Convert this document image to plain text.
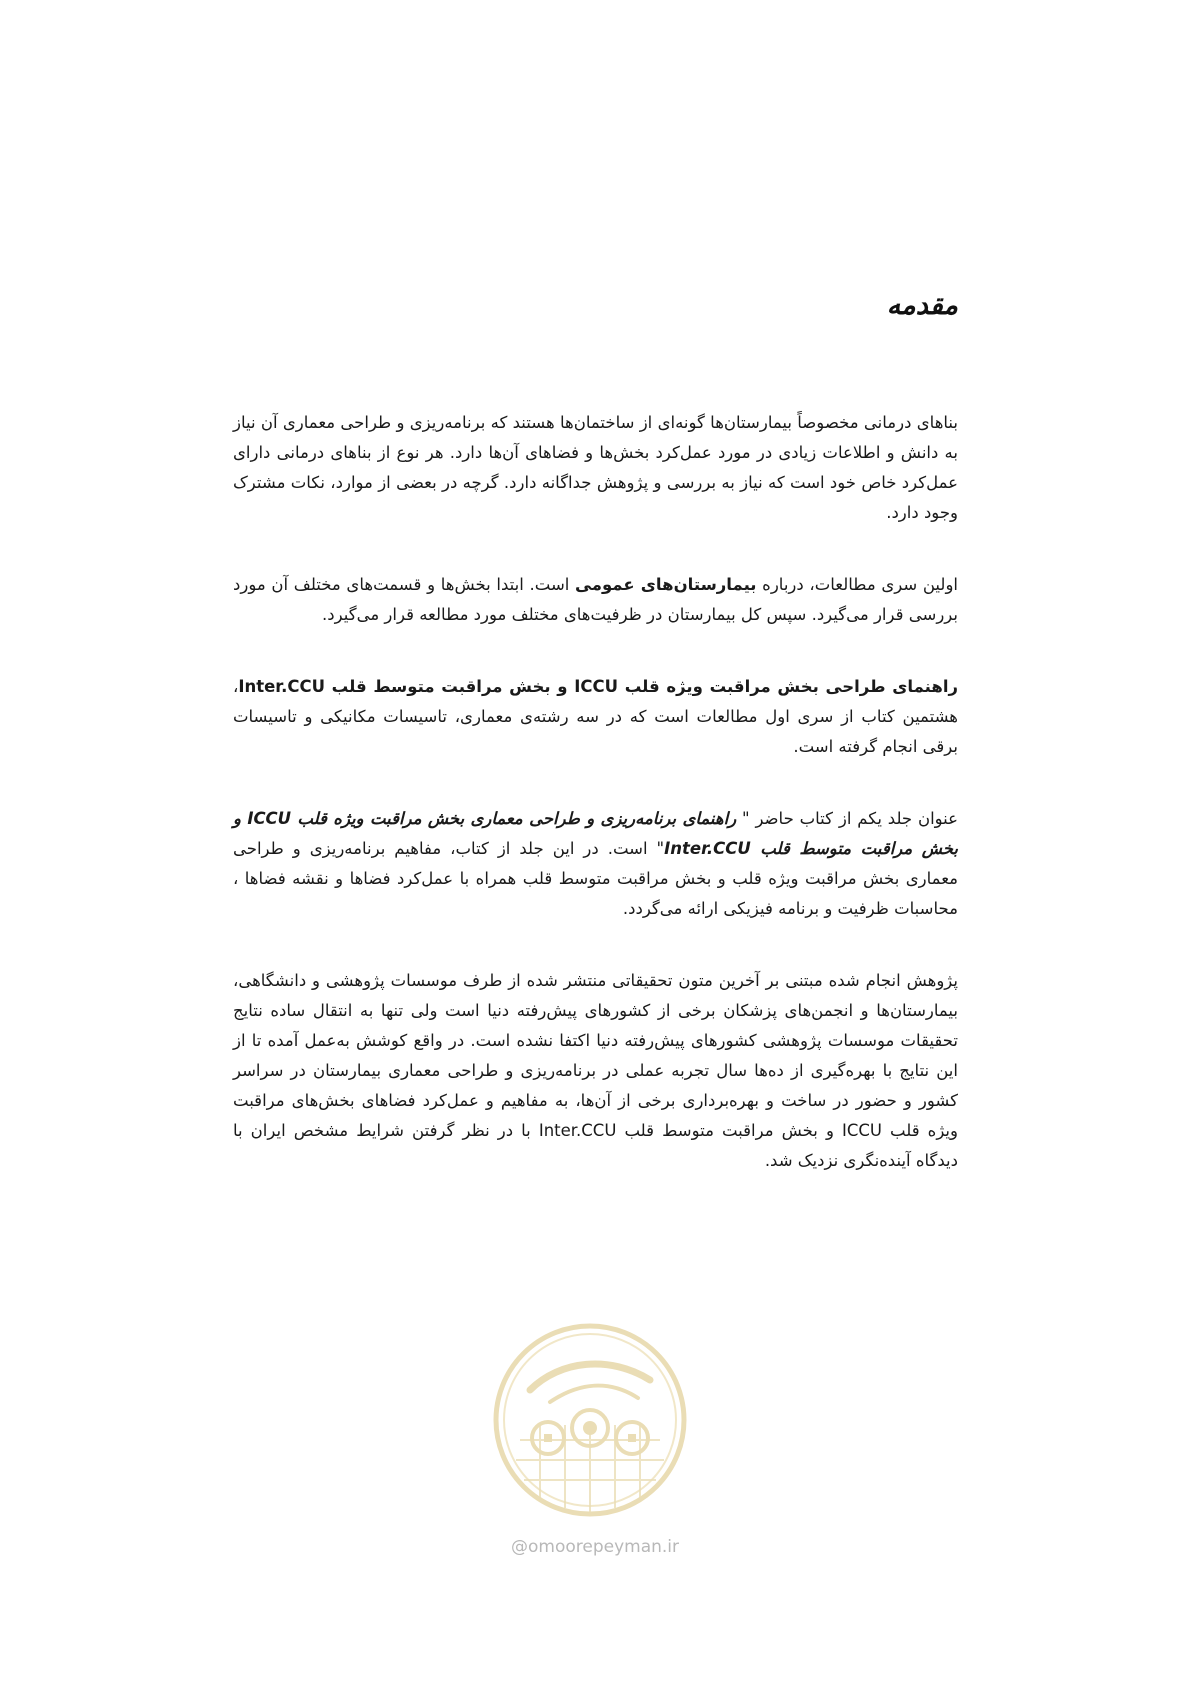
مقدمه

بناهای درمانی مخصوصاً بیمارستان‌ها گونه‌ای از ساختمان‌ها هستند که برنامه‌ریزی و طراحی معماری آن نیاز به دانش و اطلاعات زیادی در مورد عمل‌کرد بخش‌ها و فضاهای آن‌ها دارد. هر نوع از بناهای درمانی دارای عمل‌کرد خاص خود است که نیاز به بررسی و پژوهش جداگانه دارد. گرچه در بعضی از موارد، نکات مشترک وجود دارد.

اولین سری مطالعات، درباره بیمارستان‌های عمومی است. ابتدا بخش‌ها و قسمت‌های مختلف آن مورد بررسی قرار می‌گیرد. سپس کل بیمارستان در ظرفیت‌های مختلف مورد مطالعه قرار می‌گیرد.

راهنمای طراحی بخش مراقبت ویژه قلب ICCU و بخش مراقبت متوسط قلب Inter.CCU، هشتمین کتاب از سری اول مطالعات است که در سه رشته‌ی معماری، تاسیسات مکانیکی و تاسیسات برقی انجام گرفته است.

عنوان جلد یکم از کتاب حاضر " راهنمای برنامه‌ریزی و طراحی معماری بخش مراقبت ویژه قلب ICCU و بخش مراقبت متوسط قلب Inter.CCU" است. در این جلد از کتاب، مفاهیم برنامه‌ریزی و طراحی معماری بخش مراقبت ویژه قلب و بخش مراقبت متوسط قلب همراه با عمل‌کرد فضاها و نقشه فضاها ، محاسبات ظرفیت و برنامه فیزیکی ارائه می‌گردد.

پژوهش انجام شده مبتنی بر آخرین متون تحقیقاتی منتشر شده از طرف موسسات پژوهشی و دانشگاهی، بیمارستان‌ها و انجمن‌های پزشکان برخی از کشورهای پیش‌رفته دنیا است ولی تنها به انتقال ساده نتایج تحقیقات موسسات پژوهشی کشورهای پیش‌رفته دنیا اکتفا نشده است. در واقع کوشش به‌عمل آمده تا از این نتایج با بهره‌گیری از ده‌ها سال تجربه عملی در برنامه‌ریزی و طراحی معماری بیمارستان در سراسر کشور و حضور در ساخت و بهره‌برداری برخی از آن‌ها، به مفاهیم و عمل‌کرد فضاهای بخش‌های مراقبت ویژه قلب ICCU و بخش مراقبت متوسط قلب Inter.CCU با در نظر گرفتن شرایط مشخص ایران با دیدگاه آینده‌نگری نزدیک شد.

@omoorepeyman.ir
